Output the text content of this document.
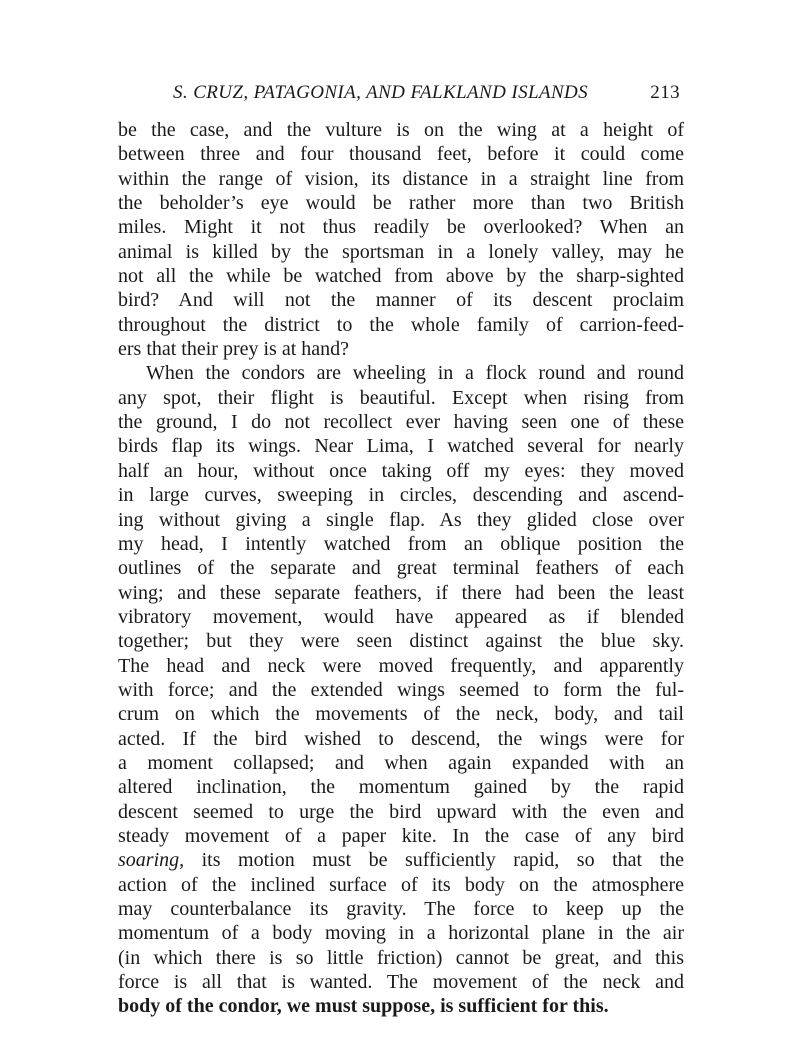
S. CRUZ, PATAGONIA, AND FALKLAND ISLANDS	213
be the case, and the vulture is on the wing at a height of
between three and four thousand feet, before it could come
within the range of vision, its distance in a straight line from
the beholder’s eye would be rather more than two British
miles. Might it not thus readily be overlooked? When an
animal is killed by the sportsman in a lonely valley, may he
not all the while be watched from above by the sharp-sighted
bird? And will not the manner of its descent proclaim
throughout the district to the whole family of carrion-feed-
ers that their prey is at hand?
When the condors are wheeling in a flock round and round
any spot, their flight is beautiful. Except when rising from
the ground, I do not recollect ever having seen one of these
birds flap its wings. Near Lima, I watched several for nearly
half an hour, without once taking off my eyes: they moved
in large curves, sweeping in circles, descending and ascend-
ing without giving a single flap. As they glided close over
my head, I intently watched from an oblique position the
outlines of the separate and great terminal feathers of each
wing; and these separate feathers, if there had been the least
vibratory movement, would have appeared as if blended
together; but they were seen distinct against the blue sky.
The head and neck were moved frequently, and apparently
with force; and the extended wings seemed to form the ful-
crum on which the movements of the neck, body, and tail
acted. If the bird wished to descend, the wings were for
a moment collapsed; and when again expanded with an
altered inclination, the momentum gained by the rapid
descent seemed to urge the bird upward with the even and
steady movement of a paper kite. In the case of any bird
soaring, its motion must be sufficiently rapid, so that the
action of the inclined surface of its body on the atmosphere
may counterbalance its gravity. The force to keep up the
momentum of a body moving in a horizontal plane in the air
(in which there is so little friction) cannot be great, and this
force is all that is wanted. The movement of the neck and
body of the condor, we must suppose, is sufficient for this.
